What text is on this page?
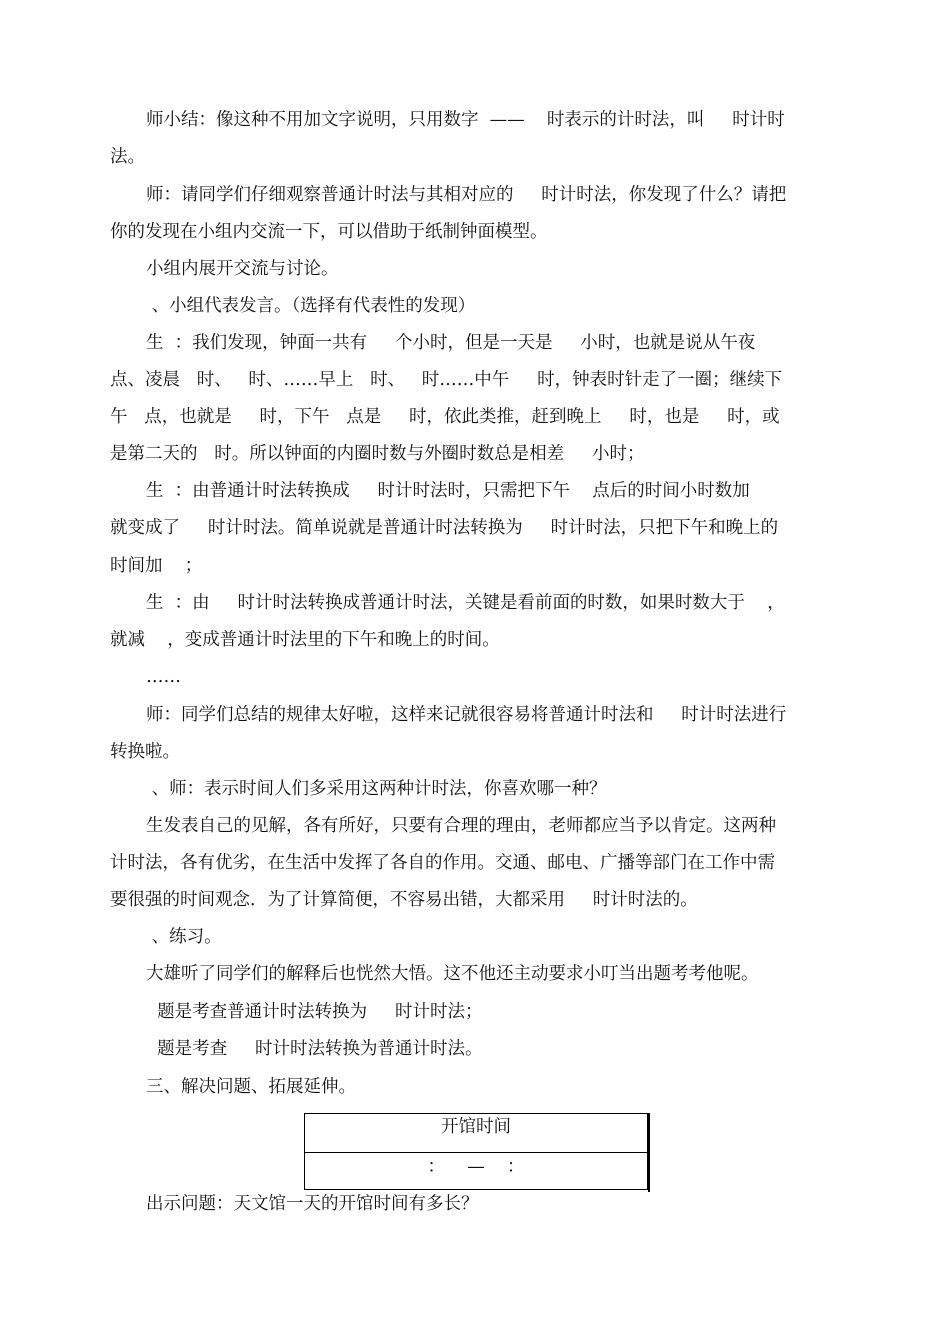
师小结：像这种不用加文字说明，只用数字  ——    时表示的计时法，叫     时计时
法。
师：请同学们仔细观察普通计时法与其相对应的     时计时法，你发现了什么？请把
你的发现在小组内交流一下，可以借助于纸制钟面模型。
小组内展开交流与讨论。
、小组代表发言。（选择有代表性的发现）
生  ：我们发现，钟面一共有     个小时，但是一天是     小时，也就是说从午夜
点、凌晨   时、   时、……早上   时、   时……中午     时，钟表时针走了一圈；继续下
午   点，也就是     时，下午   点是     时，依此类推，赶到晚上     时，也是     时，或
是第二天的   时。所以钟面的内圈时数与外圈时数总是相差     小时；
生  ：由普通计时法转换成     时计时法时，只需把下午    点后的时间小时数加
就变成了     时计时法。简单说就是普通计时法转换为     时计时法，只把下午和晚上的
时间加    ；
生  ：由     时计时法转换成普通计时法，关键是看前面的时数，如果时数大于    ，
就减    ，变成普通计时法里的下午和晚上的时间。
……
师：同学们总结的规律太好啦，这样来记就很容易将普通计时法和     时计时法进行
转换啦。
、师：表示时间人们多采用这两种计时法，你喜欢哪一种？
生发表自己的见解，各有所好，只要有合理的理由，老师都应当予以肯定。这两种
计时法，各有优劣，在生活中发挥了各自的作用。交通、邮电、广播等部门在工作中需
要很强的时间观念．为了计算简便，不容易出错，大都采用     时计时法的。
、练习。
大雄听了同学们的解释后也恍然大悟。这不他还主动要求小叮当出题考考他呢。
题是考查普通计时法转换为     时计时法；
题是考查     时计时法转换为普通计时法。
三、解决问题、拓展延伸。
开馆时间
：    —    ：
出示问题：天文馆一天的开馆时间有多长？
